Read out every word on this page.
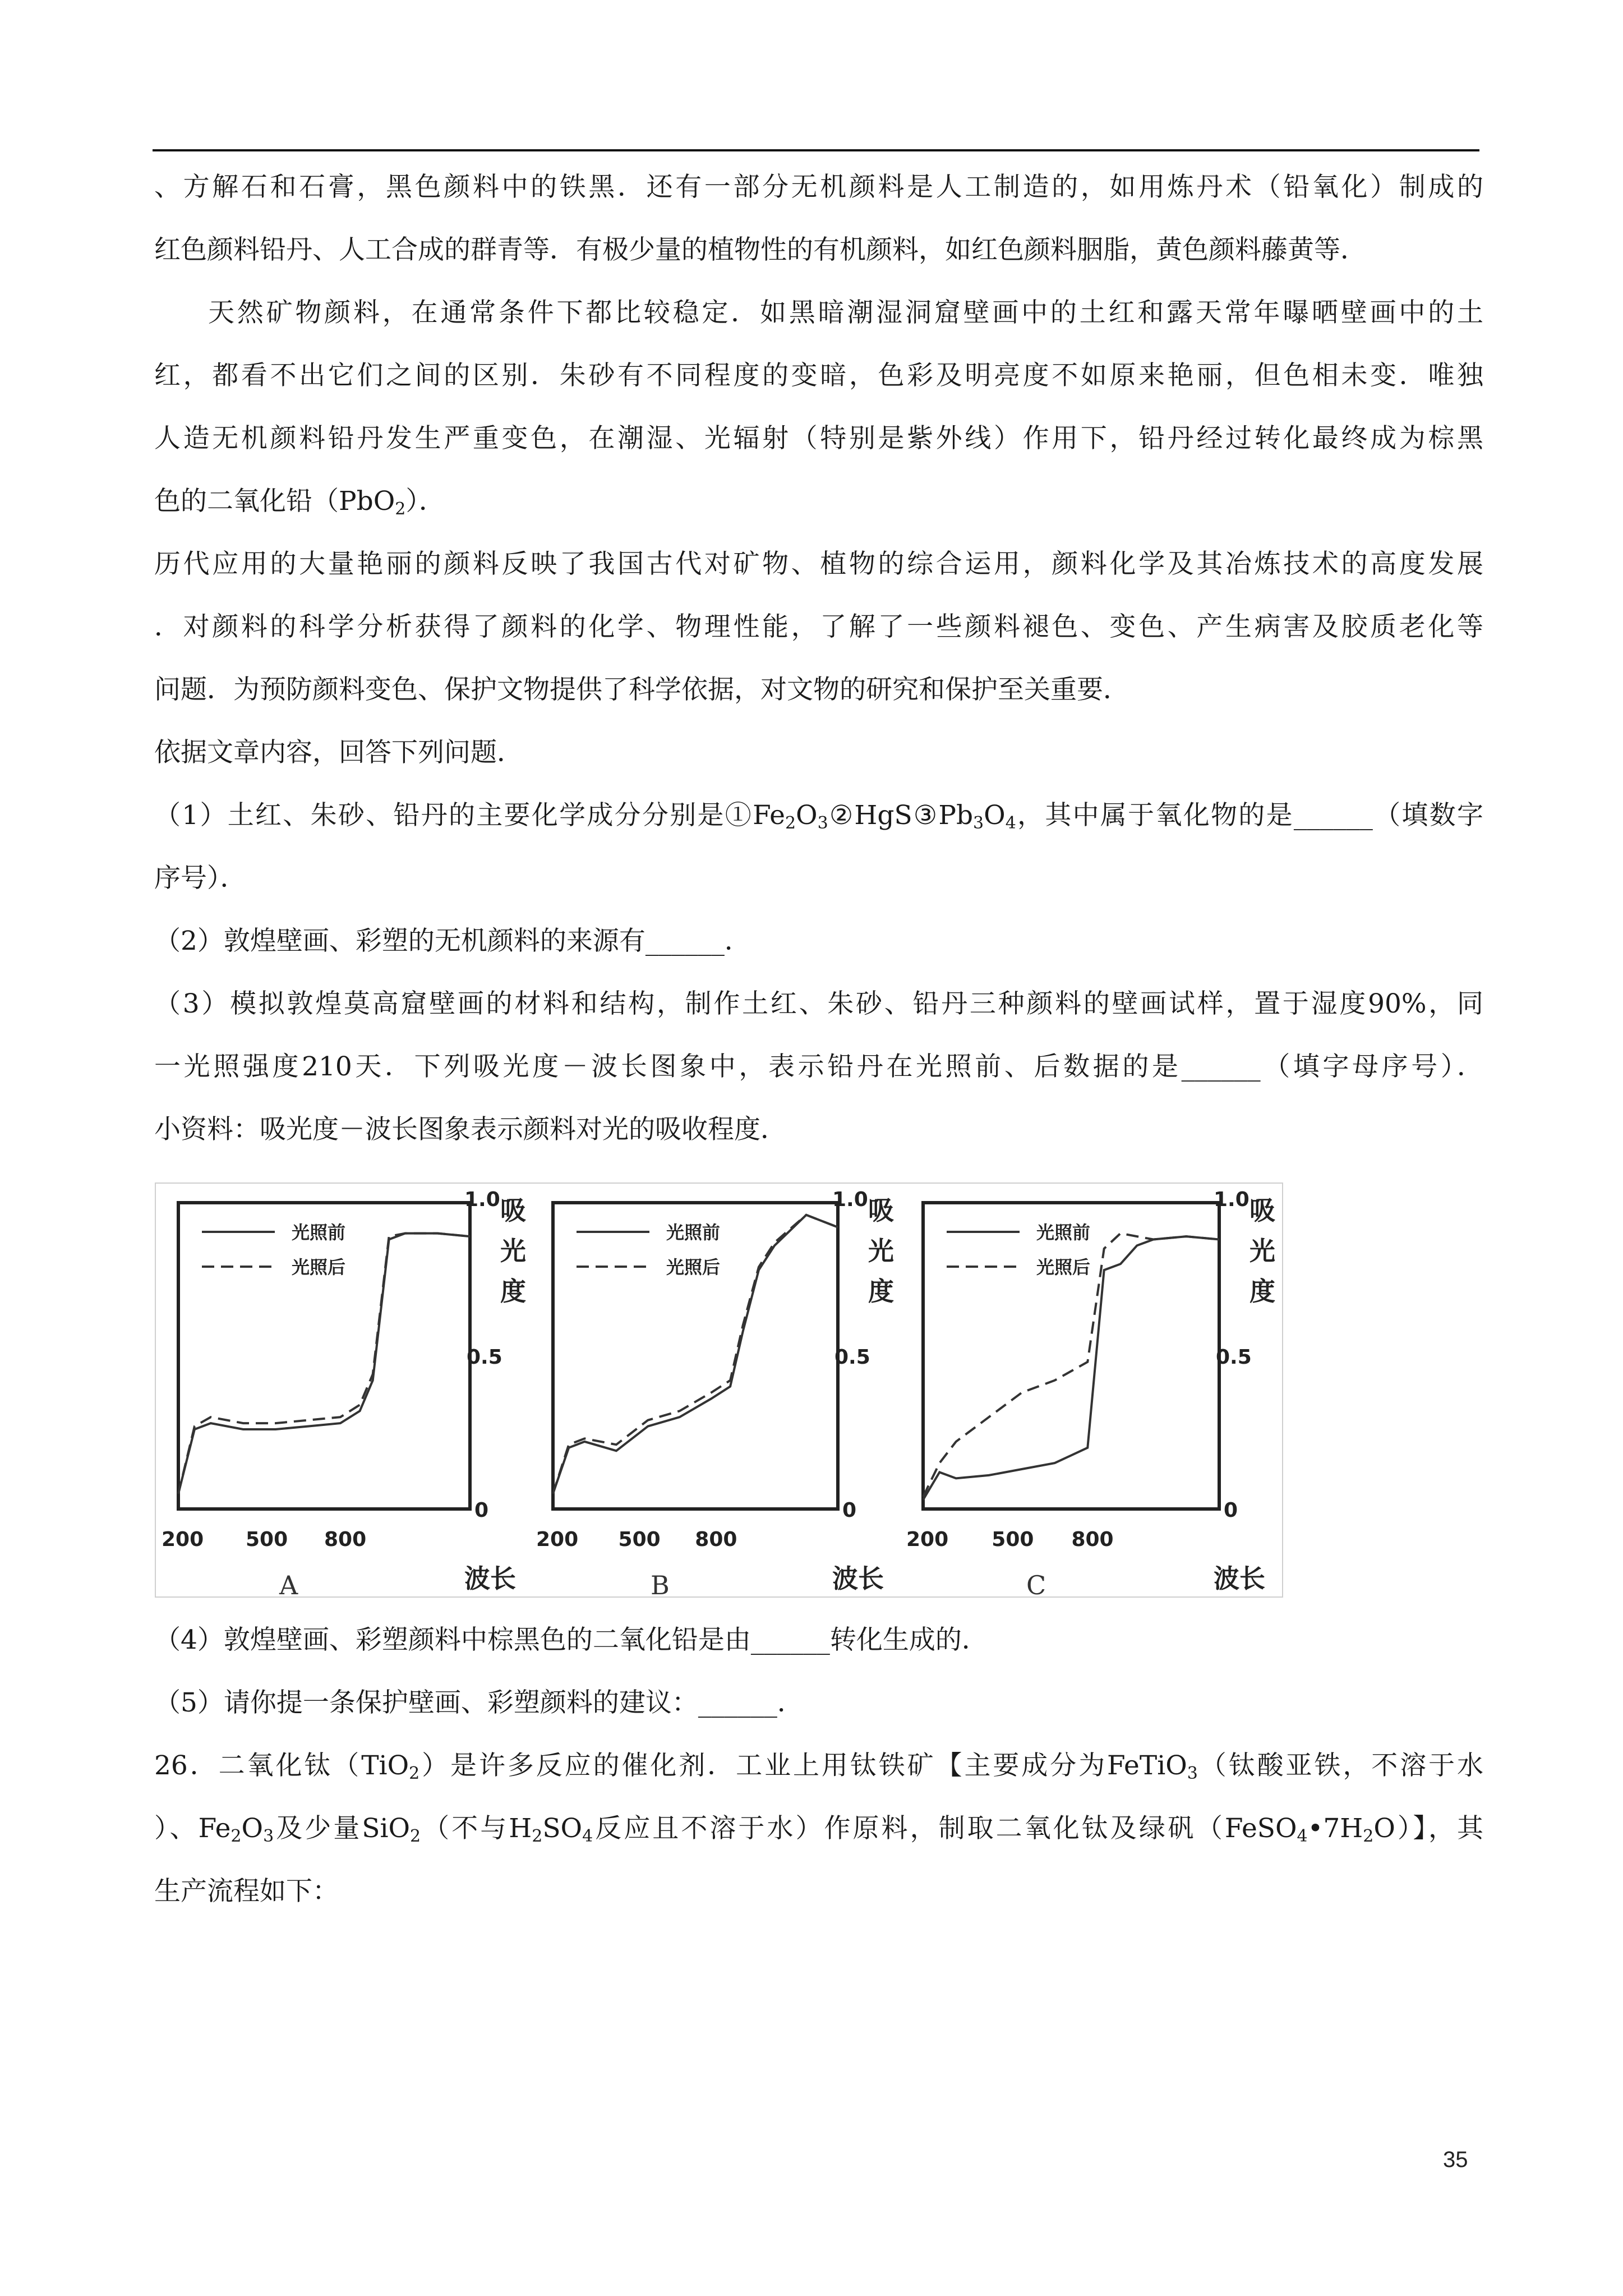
、方解石和石膏，黑色颜料中的铁黑．还有一部分无机颜料是人工制造的，如用炼丹术（铅氧化）制成的
红色颜料铅丹、人工合成的群青等．有极少量的植物性的有机颜料，如红色颜料胭脂，黄色颜料藤黄等．
天然矿物颜料，在通常条件下都比较稳定．如黑暗潮湿洞窟壁画中的土红和露天常年曝晒壁画中的土
红，都看不出它们之间的区别．朱砂有不同程度的变暗，色彩及明亮度不如原来艳丽，但色相未变．唯独
人造无机颜料铅丹发生严重变色，在潮湿、光辐射（特别是紫外线）作用下，铅丹经过转化最终成为棕黑
色的二氧化铅（PbO$_2$）．
历代应用的大量艳丽的颜料反映了我国古代对矿物、植物的综合运用，颜料化学及其冶炼技术的高度发展
．对颜料的科学分析获得了颜料的化学、物理性能，了解了一些颜料褪色、变色、产生病害及胶质老化等
问题．为预防颜料变色、保护文物提供了科学依据，对文物的研究和保护至关重要．
依据文章内容，回答下列问题．
（1）土红、朱砂、铅丹的主要化学成分分别是$①Fe_2O_3②HgS③Pb_3O_4$，其中属于氧化物的是______（填数字
序号）．
（2）敦煌壁画、彩塑的无机颜料的来源有______．
（3）模拟敦煌莫高窟壁画的材料和结构，制作土红、朱砂、铅丹三种颜料的壁画试样，置于湿度90%，同
一光照强度210天．下列吸光度－波长图象中，表示铅丹在光照前、后数据的是______（填字母序号）．
小资料：吸光度－波长图象表示颜料对光的吸收程度．
光照前
光照后
0
0.5
1.0 吸
光
度
200 500 800
波长
A
光照前
光照后
0
0.5
1.0 吸
光
度
200 500 800
波长
B
光照前
光照后
0
0.5
1.0 吸
光
度
200 500 800
波长
C
（4）敦煌壁画、彩塑颜料中棕黑色的二氧化铅是由______转化生成的．
（5）请你提一条保护壁画、彩塑颜料的建议：______．
26．二氧化钛（TiO$_2$）是许多反应的催化剂．工业上用钛铁矿【主要成分为FeTiO$_3$（钛酸亚铁，不溶于水
）、$Fe_2O_3$及少量SiO$_2$（不与$H_2SO_4$反应且不溶于水）作原料，制取二氧化钛及绿矾$(FeSO_4•7H_2O)$】，其
生产流程如下：
35
